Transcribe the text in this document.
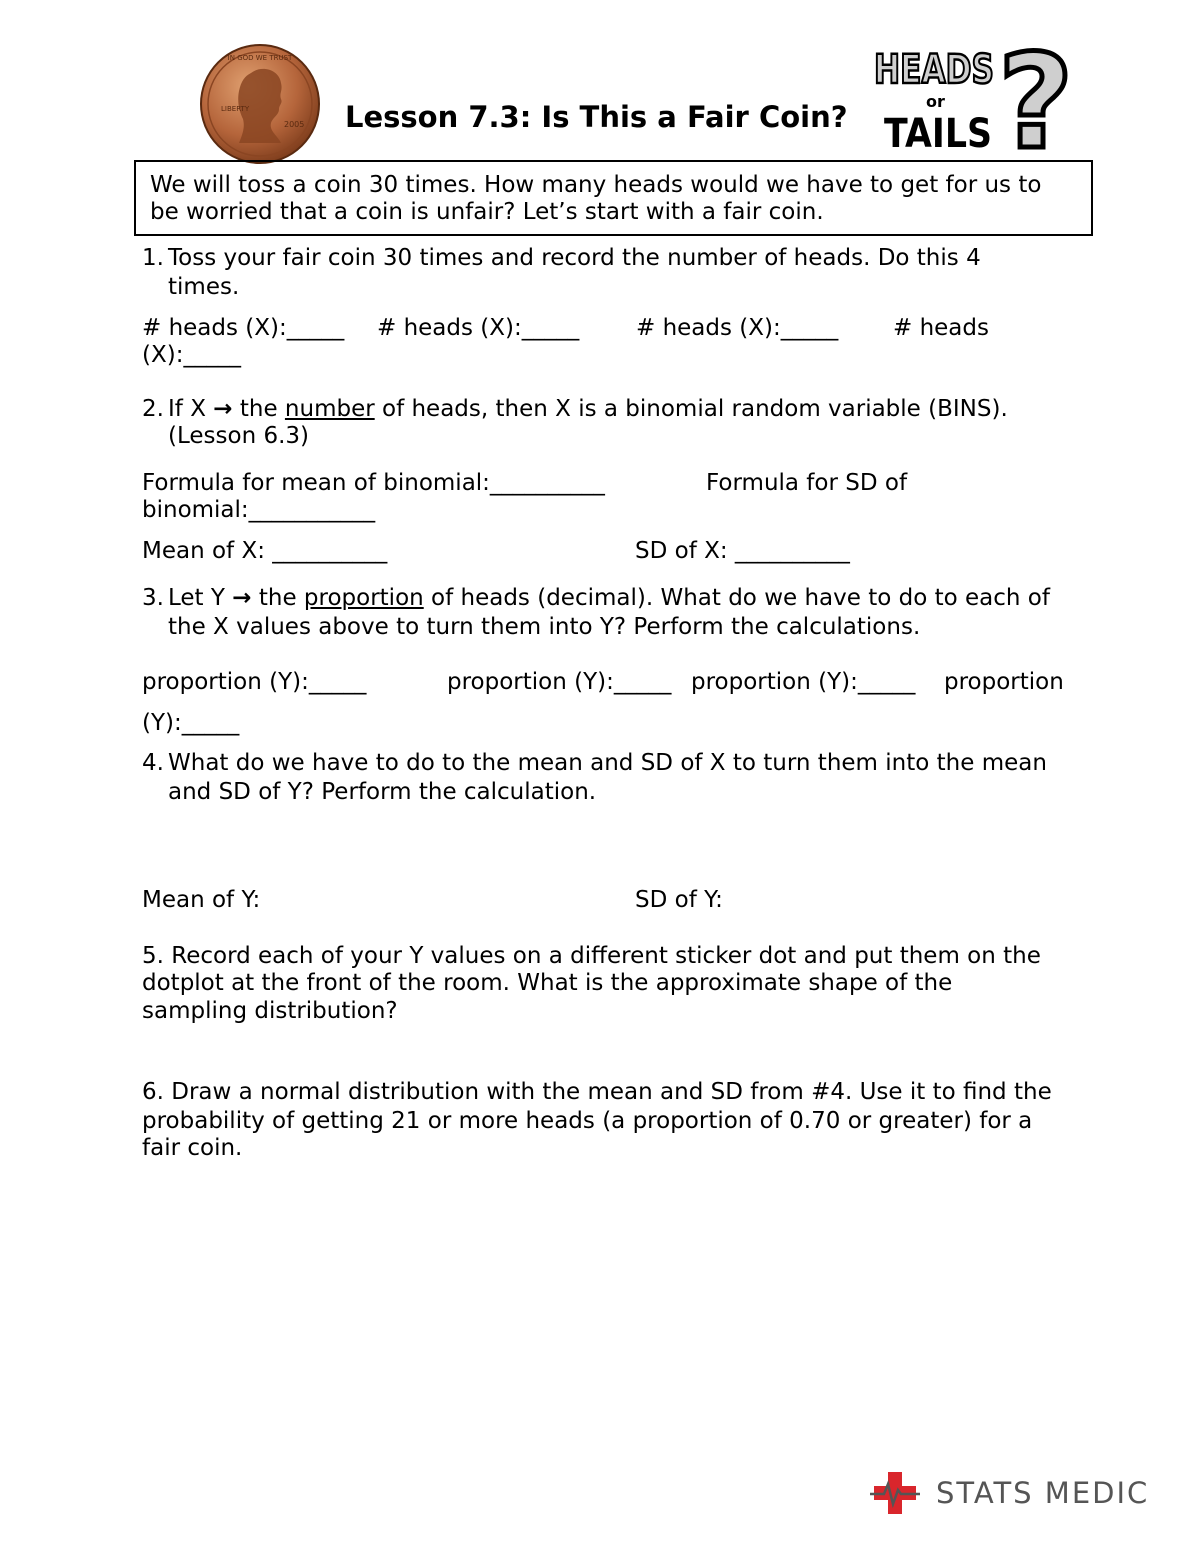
IN GOD WE TRUST
LIBERTY
2005 Lesson 7.3: Is This a Fair Coin?
HEADS
or
TAILS ?
We will toss a coin 30 times. How many heads would we have to get for us to
be worried that a coin is unfair? Let’s start with a fair coin.
1. Toss your fair coin 30 times and record the number of heads. Do this 4
times.
# heads (X):_____ # heads (X):_____ # heads (X):_____ # heads
(X):_____
2. If X → the number of heads, then X is a binomial random variable (BINS).
(Lesson 6.3)
Formula for mean of binomial:__________	Formula for SD of
binomial:___________
Mean of X: __________	SD of X: __________
3. Let Y → the proportion of heads (decimal). What do we have to do to each of
the X values above to turn them into Y? Perform the calculations.
proportion (Y):_____	proportion (Y):_____ proportion (Y):_____ proportion
(Y):_____
4. What do we have to do to the mean and SD of X to turn them into the mean
and SD of Y? Perform the calculation.
Mean of Y:	SD of Y:
5. Record each of your Y values on a different sticker dot and put them on the
dotplot at the front of the room. What is the approximate shape of the
sampling distribution?
6. Draw a normal distribution with the mean and SD from #4. Use it to find the
probability of getting 21 or more heads (a proportion of 0.70 or greater) for a
fair coin.
STATS MEDIC
